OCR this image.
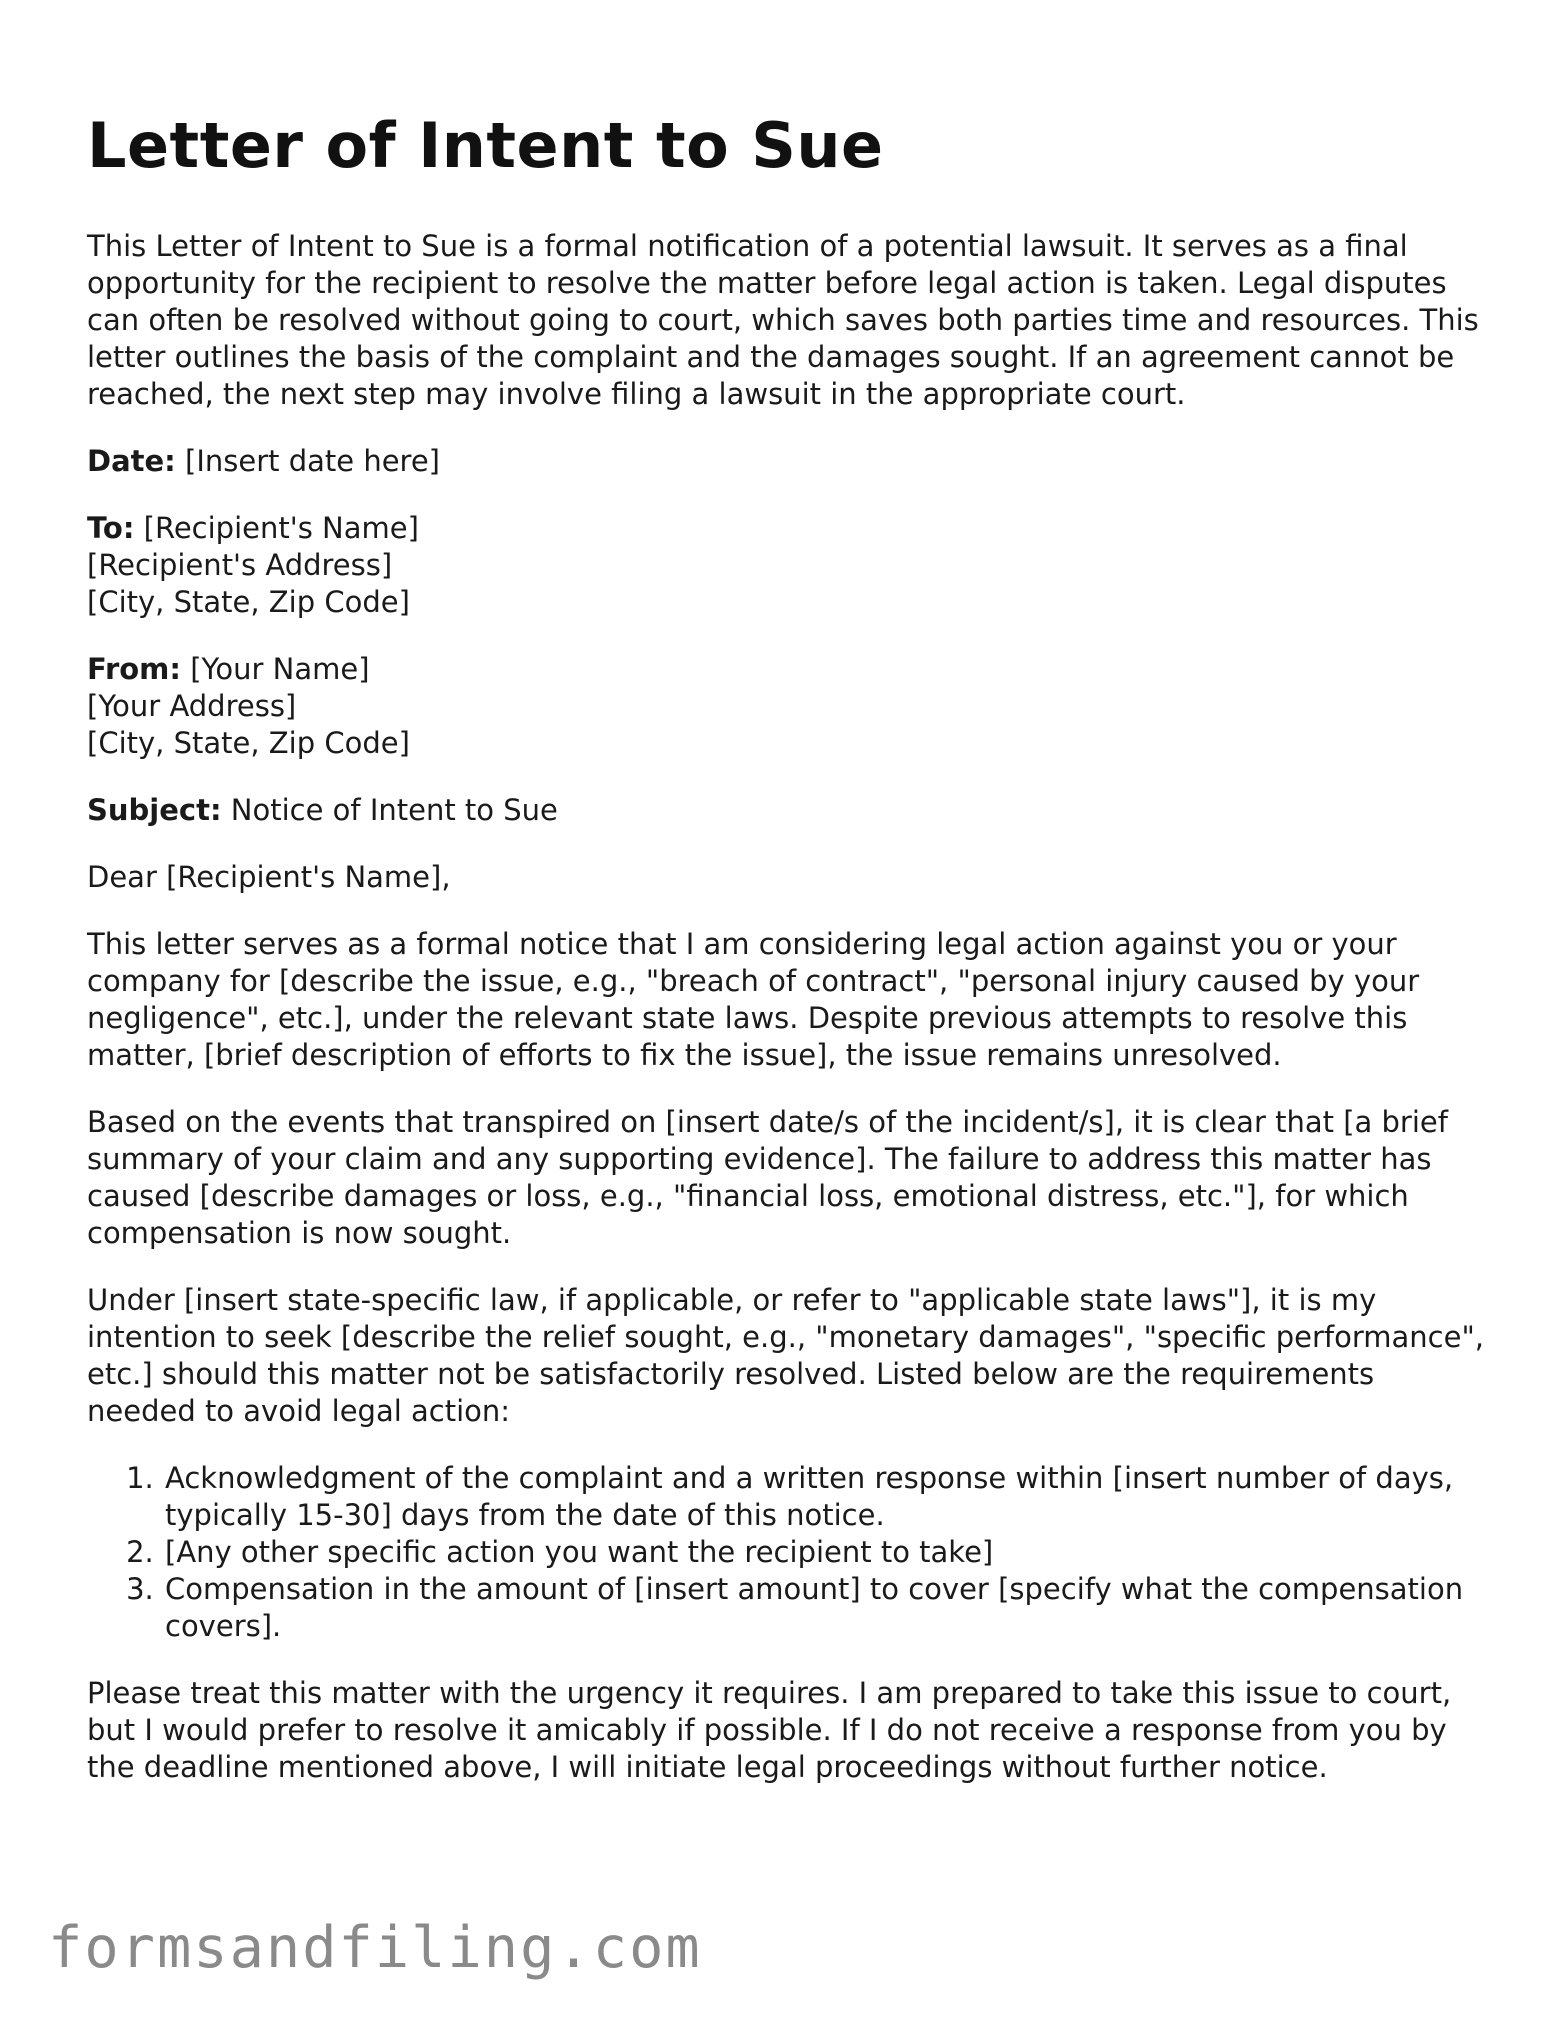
Letter of Intent to Sue

This Letter of Intent to Sue is a formal notification of a potential lawsuit. It serves as a final opportunity for the recipient to resolve the matter before legal action is taken. Legal disputes can often be resolved without going to court, which saves both parties time and resources. This letter outlines the basis of the complaint and the damages sought. If an agreement cannot be reached, the next step may involve filing a lawsuit in the appropriate court.

Date: [Insert date here]

To: [Recipient's Name]
[Recipient's Address]
[City, State, Zip Code]

From: [Your Name]
[Your Address]
[City, State, Zip Code]

Subject: Notice of Intent to Sue

Dear [Recipient's Name],

This letter serves as a formal notice that I am considering legal action against you or your company for [describe the issue, e.g., "breach of contract", "personal injury caused by your negligence", etc.], under the relevant state laws. Despite previous attempts to resolve this matter, [brief description of efforts to fix the issue], the issue remains unresolved.

Based on the events that transpired on [insert date/s of the incident/s], it is clear that [a brief summary of your claim and any supporting evidence]. The failure to address this matter has caused [describe damages or loss, e.g., "financial loss, emotional distress, etc."], for which compensation is now sought.

Under [insert state-specific law, if applicable, or refer to "applicable state laws"], it is my intention to seek [describe the relief sought, e.g., "monetary damages", "specific performance", etc.] should this matter not be satisfactorily resolved. Listed below are the requirements needed to avoid legal action:

1. Acknowledgment of the complaint and a written response within [insert number of days, typically 15-30] days from the date of this notice.
2. [Any other specific action you want the recipient to take]
3. Compensation in the amount of [insert amount] to cover [specify what the compensation covers].

Please treat this matter with the urgency it requires. I am prepared to take this issue to court, but I would prefer to resolve it amicably if possible. If I do not receive a response from you by the deadline mentioned above, I will initiate legal proceedings without further notice.

formsandfiling.com
